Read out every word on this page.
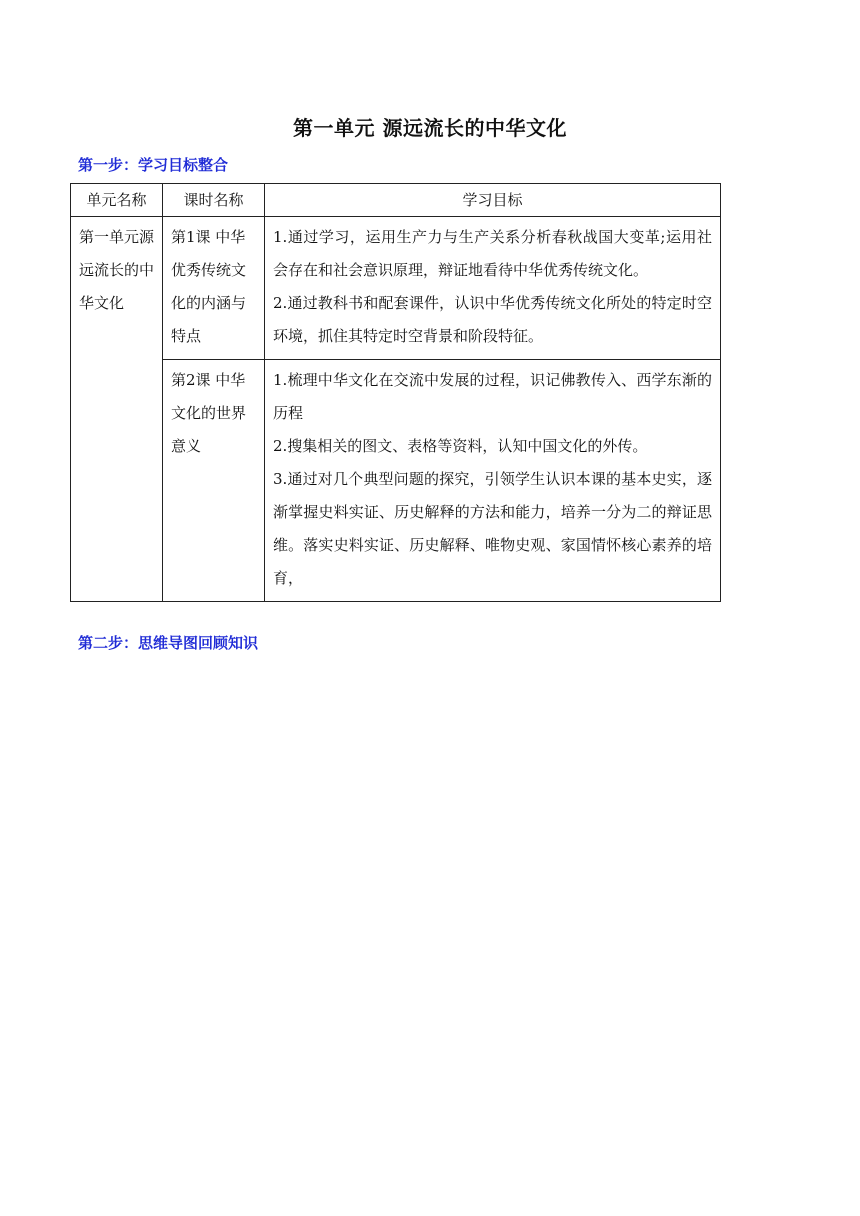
第一单元 源远流长的中华文化
第一步：学习目标整合
单元名称	课时名称	学习目标

第一单元源远流长的中华文化	第1课 中华优秀传统文化的内涵与特点	1.通过学习，运用生产力与生产关系分析春秋战国大变革;运用社会存在和社会意识原理，辩证地看待中华优秀传统文化。
2.通过教科书和配套课件，认识中华优秀传统文化所处的特定时空环境，抓住其特定时空背景和阶段特征。

	第2课 中华文化的世界意义	1.梳理中华文化在交流中发展的过程，识记佛教传入、西学东渐的历程
2.搜集相关的图文、表格等资料，认知中国文化的外传。
3.通过对几个典型问题的探究，引领学生认识本课的基本史实，逐渐掌握史料实证、历史解释的方法和能力，培养一分为二的辩证思维。落实史料实证、历史解释、唯物史观、家国情怀核心素养的培育，
第二步：思维导图回顾知识
